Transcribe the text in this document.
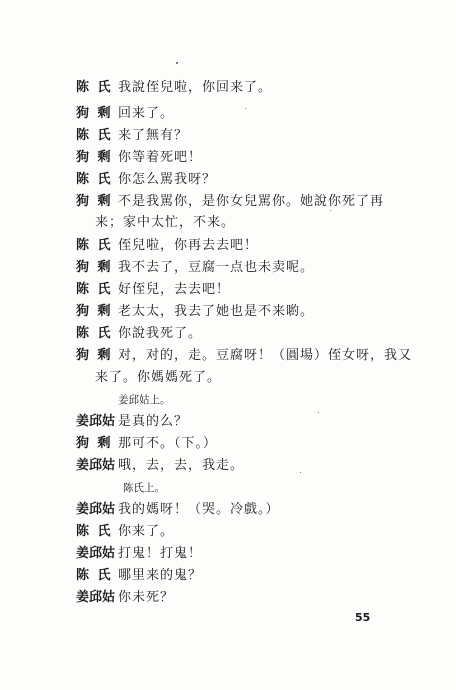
陈 氏 我說侄兒啦，你回来了。
狗 剩 回来了。
陈 氏 来了無有？
狗 剩 你等着死吧！
陈 氏 你怎么駡我呀？
狗 剩 不是我駡你，是你女兒駡你。她說你死了再
来；家中太忙，不来。
陈 氏 侄兒啦，你再去去吧！
狗 剩 我不去了，豆腐一点也未卖呢。
陈 氏 好侄兒，去去吧！
狗 剩 老太太，我去了她也是不来喲。
陈 氏 你說我死了。
狗 剩 对，对的，走。豆腐呀！（圓場）侄女呀，我又
来了。你媽媽死了。
姜邱姑上。
姜邱姑 是真的么？
狗 剩 那可不。（下。）
姜邱姑 哦，去，去，我走。
陈氏上。
姜邱姑 我的媽呀！（哭。冷戲。）
陈 氏 你来了。
姜邱姑 打鬼！打鬼！
陈 氏 哪里来的鬼？
姜邱姑 你未死？
55
